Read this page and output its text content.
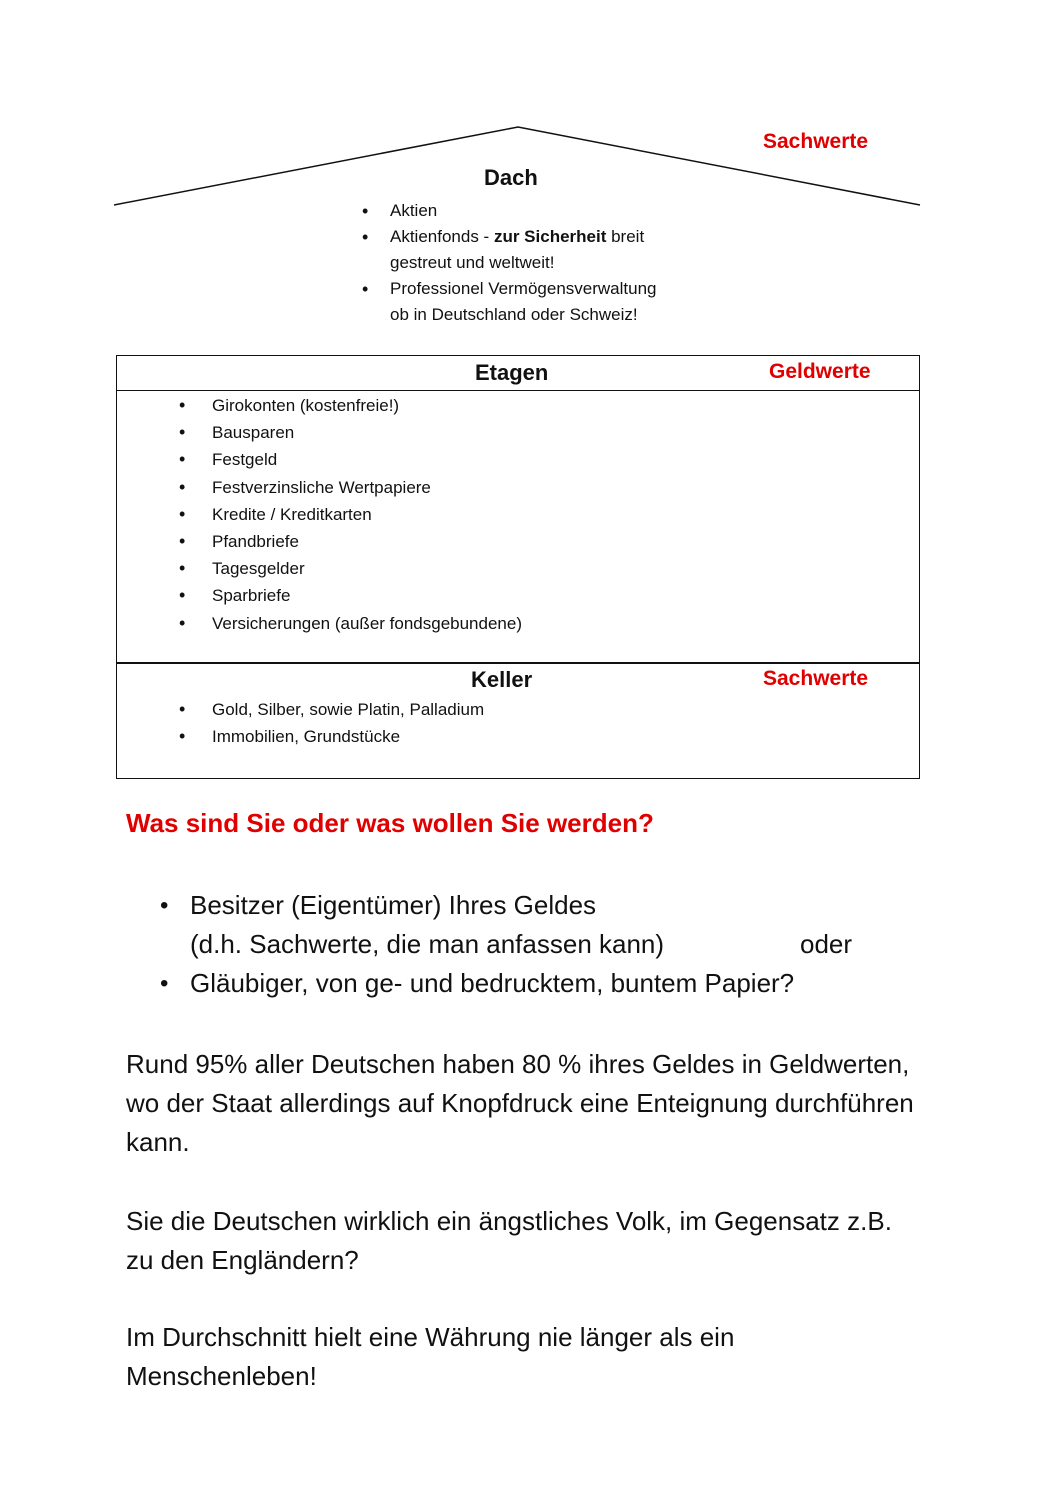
Sachwerte
Dach
• Aktien
• Aktienfonds - zur Sicherheit breit
gestreut und weltweit!
• Professionel Vermögensverwaltung
ob in Deutschland oder Schweiz!
Etagen	Geldwerte
• Girokonten (kostenfreie!)
• Bausparen
• Festgeld
• Festverzinsliche Wertpapiere
• Kredite / Kreditkarten
• Pfandbriefe
• Tagesgelder
• Sparbriefe
• Versicherungen (außer fondsgebundene)
Keller	Sachwerte
• Gold, Silber, sowie Platin, Palladium
• Immobilien, Grundstücke
Was sind Sie oder was wollen Sie werden?
• Besitzer (Eigentümer) Ihres Geldes
(d.h. Sachwerte, die man anfassen kann)	oder
• Gläubiger, von ge- und bedrucktem, buntem Papier?
Rund 95% aller Deutschen haben 80 % ihres Geldes in Geldwerten, wo der Staat allerdings auf Knopfdruck eine Enteignung durchführen kann.
Sie die Deutschen wirklich ein ängstliches Volk, im Gegensatz z.B. zu den Engländern?
Im Durchschnitt hielt eine Währung nie länger als ein Menschenleben!
